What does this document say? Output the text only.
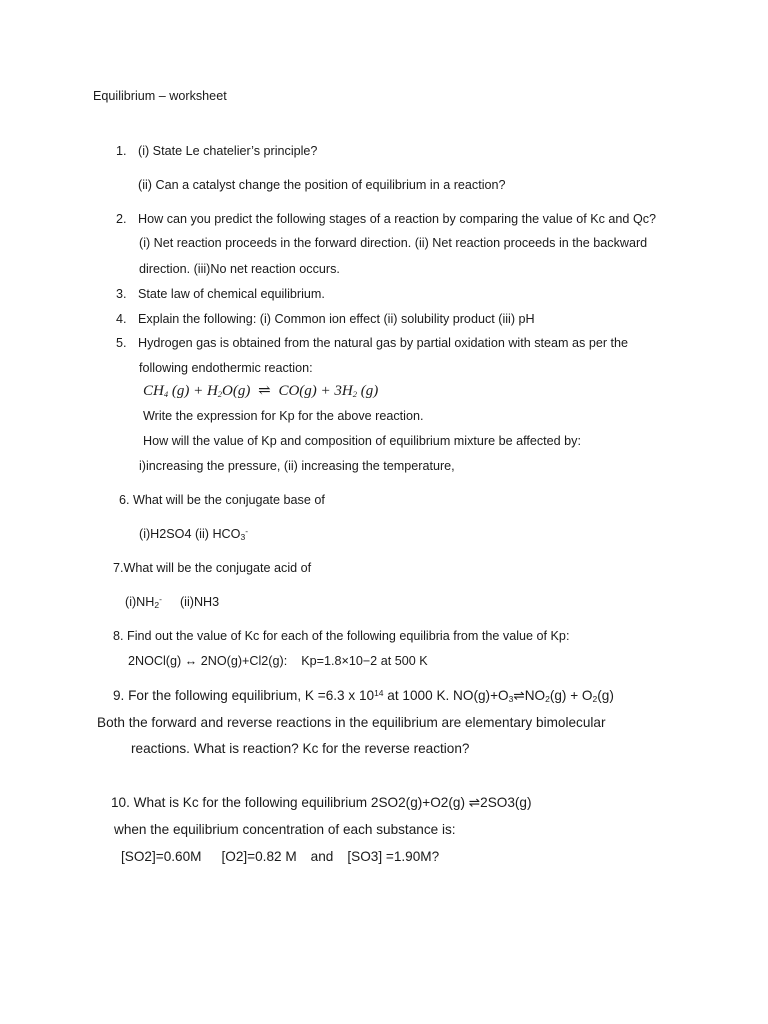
Equilibrium – worksheet
1. (i) State Le chatelier’s principle?
(ii) Can a catalyst change the position of equilibrium in a reaction?
2. How can you predict the following stages of a reaction by comparing the value of Kc and Qc?
(i) Net reaction proceeds in the forward direction. (ii) Net reaction proceeds in the backward
direction. (iii)No net reaction occurs.
3. State law of chemical equilibrium.
4. Explain the following: (i) Common ion effect (ii) solubility product (iii) pH
5. Hydrogen gas is obtained from the natural gas by partial oxidation with steam as per the
following endothermic reaction:
$CH_4$ $(g) + H_2O(g)$ ⇌ $CO(g) + 3H_2$ (g)
Write the expression for Kp for the above reaction.
How will the value of Kp and composition of equilibrium mixture be affected by:
i)increasing the pressure, (ii) increasing the temperature,
6. What will be the conjugate base of
(i)H2SO4 (ii) $HCO_3^-$
7.What will be the conjugate acid of
$(i)NH_2^-$ (ii)NH3
8. Find out the value of Kc for each of the following equilibria from the value of Kp:
2NOCl(g) ↔ 2NO(g)+Cl2(g): Kp=1.8×10−2 at 500 K
9. For the following equilibrium, K =6.3 x $10^{14}$ at 1000 K. $NO(g)+O_3\rightleftharpoons NO_2(g) + O_2(g)$
Both the forward and reverse reactions in the equilibrium are elementary bimolecular
reactions. What is reaction? Kc for the reverse reaction?
10. What is Kc for the following equilibrium 2SO2(g)+O2(g) ⇌2SO3(g)
when the equilibrium concentration of each substance is:
[SO2]=0.60M [O2]=0.82 M and [SO3] =1.90M?
